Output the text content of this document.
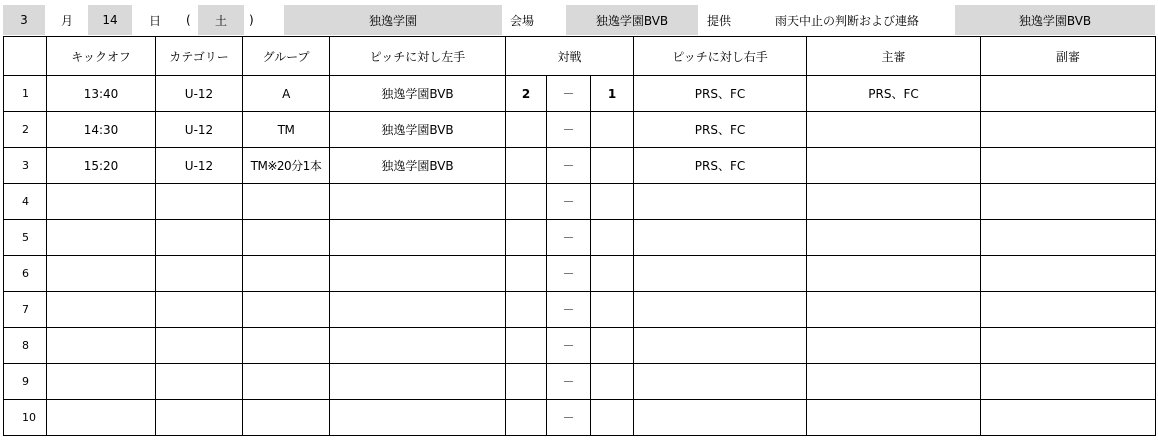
3	月	14	日	(	土	)	独逸学園	会場	独逸学園BVB	提供	雨天中止の判断および連絡	独逸学園BVB
	キックオフ	カテゴリー	グループ	ピッチに対し左手	対戦			ピッチに対し右手	主審	副審
1	13:40	U-12	A	独逸学園BVB	2	－	1	PRS、FC	PRS、FC	
2	14:30	U-12	TM	独逸学園BVB		－		PRS、FC		
3	15:20	U-12	TM※20分1本	独逸学園BVB		－		PRS、FC		
4						－				
5						－				
6						－				
7						－				
8						－				
9						－				
10						－				
